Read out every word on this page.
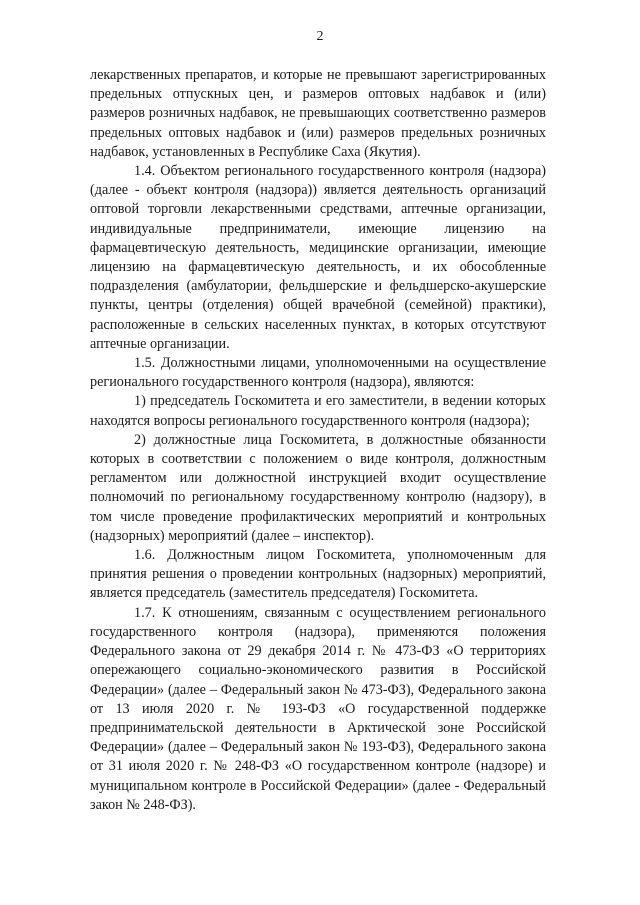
2

лекарственных препаратов, и которые не превышают зарегистрированных предельных отпускных цен, и размеров оптовых надбавок и (или) размеров розничных надбавок, не превышающих соответственно размеров предельных оптовых надбавок и (или) размеров предельных розничных надбавок, установленных в Республике Саха (Якутия).

1.4. Объектом регионального государственного контроля (надзора) (далее - объект контроля (надзора)) является деятельность организаций оптовой торговли лекарственными средствами, аптечные организации, индивидуальные предприниматели, имеющие лицензию на фармацевтическую деятельность, медицинские организации, имеющие лицензию на фармацевтическую деятельность, и их обособленные подразделения (амбулатории, фельдшерские и фельдшерско-акушерские пункты, центры (отделения) общей врачебной (семейной) практики), расположенные в сельских населенных пунктах, в которых отсутствуют аптечные организации.

1.5. Должностными лицами, уполномоченными на осуществление регионального государственного контроля (надзора), являются:

1) председатель Госкомитета и его заместители, в ведении которых находятся вопросы регионального государственного контроля (надзора);

2) должностные лица Госкомитета, в должностные обязанности которых в соответствии с положением о виде контроля, должностным регламентом или должностной инструкцией входит осуществление полномочий по региональному государственному контролю (надзору), в том числе проведение профилактических мероприятий и контрольных (надзорных) мероприятий (далее – инспектор).

1.6. Должностным лицом Госкомитета, уполномоченным для принятия решения о проведении контрольных (надзорных) мероприятий, является председатель (заместитель председателя) Госкомитета.

1.7. К отношениям, связанным с осуществлением регионального государственного контроля (надзора), применяются положения Федерального закона от 29 декабря 2014 г. № 473-ФЗ «О территориях опережающего социально-экономического развития в Российской Федерации» (далее – Федеральный закон № 473-ФЗ), Федерального закона от 13 июля 2020 г. № 193-ФЗ «О государственной поддержке предпринимательской деятельности в Арктической зоне Российской Федерации» (далее – Федеральный закон № 193-ФЗ), Федерального закона от 31 июля 2020 г. № 248-ФЗ «О государственном контроле (надзоре) и муниципальном контроле в Российской Федерации» (далее - Федеральный закон № 248-ФЗ).
